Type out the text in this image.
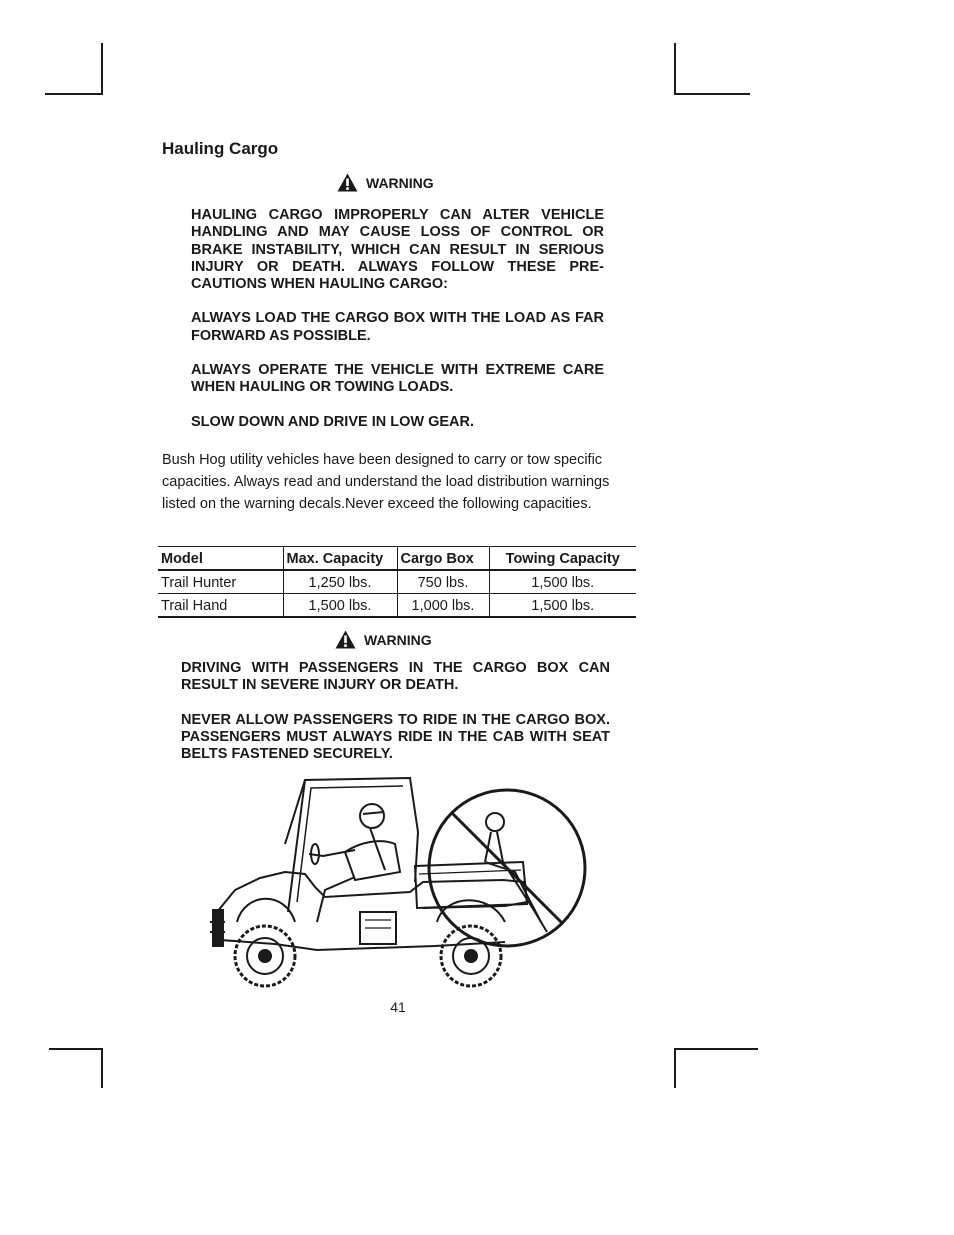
Hauling Cargo
WARNING

HAULING CARGO IMPROPERLY CAN ALTER VEHICLE HANDLING AND MAY CAUSE LOSS OF CONTROL OR BRAKE INSTABILITY, WHICH CAN RESULT IN SERIOUS INJURY OR DEATH. ALWAYS FOLLOW THESE PRE-CAUTIONS WHEN HAULING CARGO:

ALWAYS LOAD THE CARGO BOX WITH THE LOAD AS FAR FORWARD AS POSSIBLE.

ALWAYS OPERATE THE VEHICLE WITH EXTREME CARE WHEN HAULING OR TOWING LOADS.

SLOW DOWN AND DRIVE IN LOW GEAR.

Bush Hog utility vehicles have been designed to carry or tow specific capacities. Always read and understand the load distribution warnings listed on the warning decals.Never exceed the following capacities.
Model	Max. Capacity	Cargo Box	Towing Capacity
Trail Hunter	1,250 lbs.	750 lbs.	1,500 lbs.
Trail Hand	1,500 lbs.	1,000 lbs.	1,500 lbs.
WARNING

DRIVING WITH PASSENGERS IN THE CARGO BOX CAN RESULT IN SEVERE INJURY OR DEATH.

NEVER ALLOW PASSENGERS TO RIDE IN THE CARGO BOX. PASSENGERS MUST ALWAYS RIDE IN THE CAB WITH SEAT BELTS FASTENED SECURELY.

41
